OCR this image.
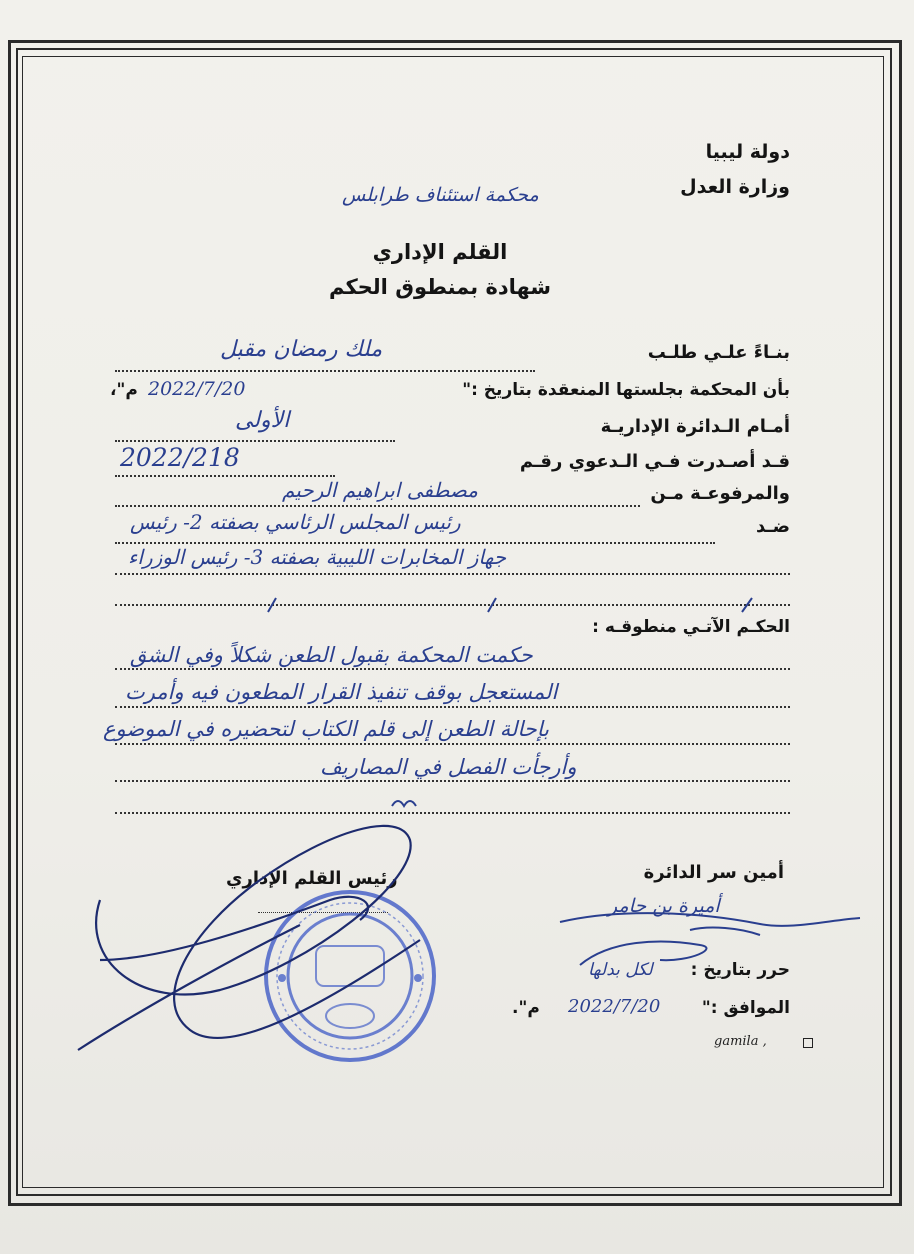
دولة ليبيا
وزارة العدل
محكمة استئناف طرابلس
القلم الإداري
شهادة بمنطوق الحكم
بنـاءً علـي طلـب
ملك رمضان مقبل
بأن المحكمة بجلستها المنعقدة بتاريخ :"
2022/7/20
م"،
أمـام الـدائرة الإداريـة
الأولى
قـد أصـدرت فـي الـدعوي رقـم
2022/218
والمرفوعـة مـن
مصطفى ابراهيم الرحيم
ضـد
رئيس المجلس الرئاسي بصفته 2- رئيس
جهاز المخابرات الليبية بصفته 3- رئيس الوزراء
الحكـم الآتـي منطوقـه :
حكمت المحكمة بقبول الطعن شكلاً وفي الشق
المستعجل بوقف تنفيذ القرار المطعون فيه وأمرت
بإحالة الطعن إلى قلم الكتاب لتحضيره في الموضوع
وأرجأت الفصل في المصاريف
أمين سر الدائرة
أميرة بن حامر
رئيس القلم الإداري
حرر بتاريخ :
لكل بدلها
الموافق :"
2022/7/20
م".
gamila ,
